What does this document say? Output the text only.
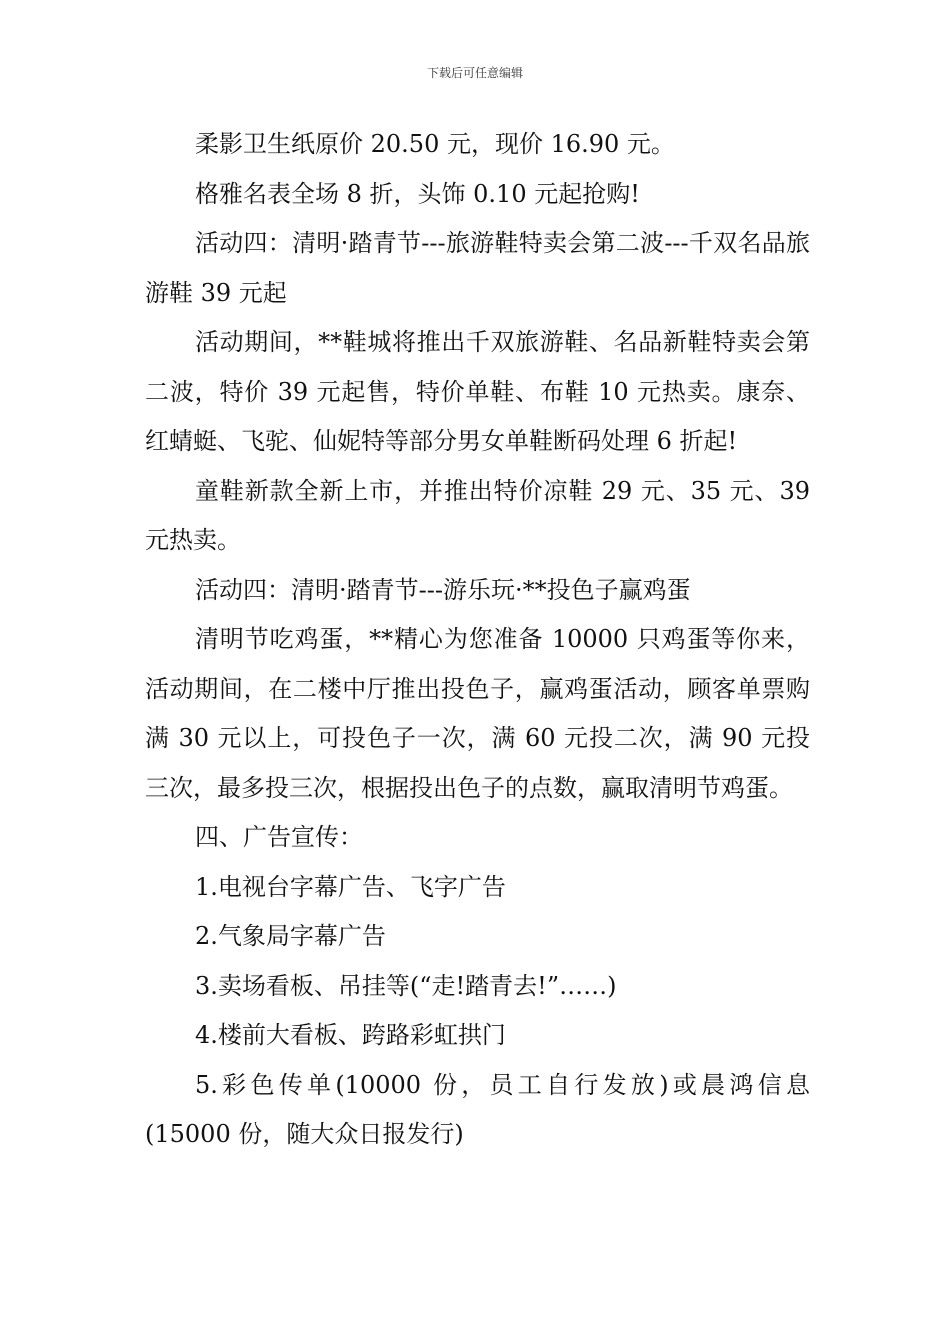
下载后可任意编辑

柔影卫生纸原价 20.50 元，现价 16.90 元。

格雅名表全场 8 折，头饰 0.10 元起抢购!

活动四：清明·踏青节---旅游鞋特卖会第二波---千双名品旅游鞋 39 元起

活动期间，**鞋城将推出千双旅游鞋、名品新鞋特卖会第二波，特价 39 元起售，特价单鞋、布鞋 10 元热卖。康奈、红蜻蜓、飞驼、仙妮特等部分男女单鞋断码处理 6 折起!

童鞋新款全新上市，并推出特价凉鞋 29 元、35 元、39 元热卖。

活动四：清明·踏青节---游乐玩·**投色子赢鸡蛋

清明节吃鸡蛋，**精心为您准备 10000 只鸡蛋等你来，活动期间，在二楼中厅推出投色子，赢鸡蛋活动，顾客单票购满 30 元以上，可投色子一次，满 60 元投二次，满 90 元投三次，最多投三次，根据投出色子的点数，赢取清明节鸡蛋。

四、广告宣传：

1.电视台字幕广告、飞字广告

2.气象局字幕广告

3.卖场看板、吊挂等(“走!踏青去!”……)

4.楼前大看板、跨路彩虹拱门

5.彩色传单(10000 份，员工自行发放)或晨鸿信息(15000 份，随大众日报发行)
